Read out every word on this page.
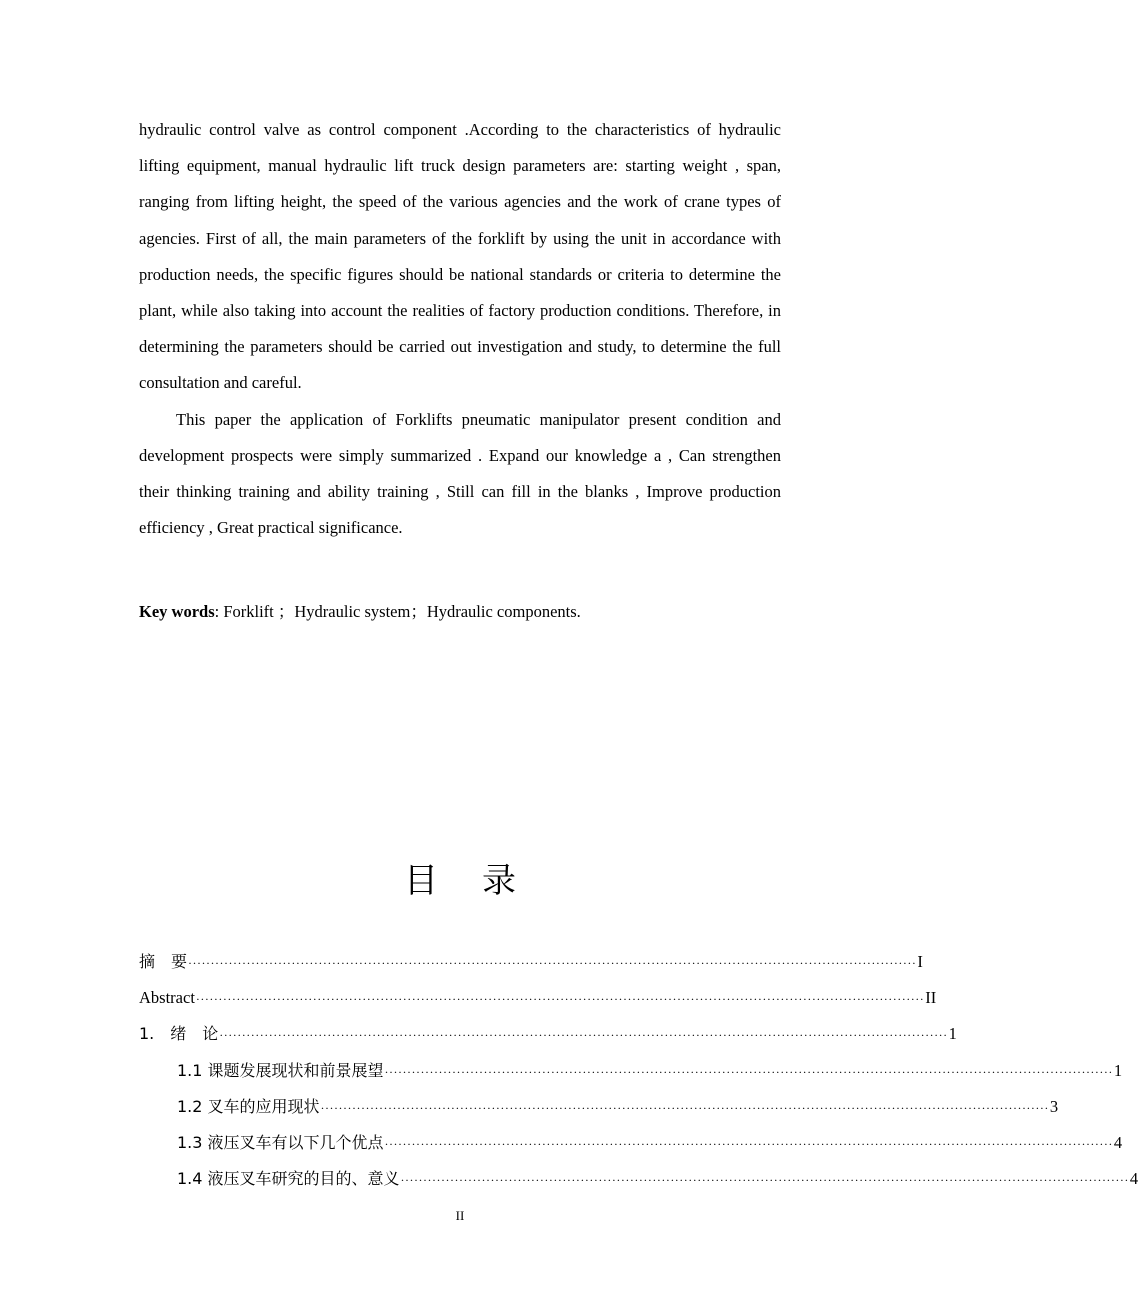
hydraulic control valve as control component .According to the characteristics of hydraulic lifting equipment, manual hydraulic lift truck design parameters are: starting weight , span, ranging from lifting height, the speed of the various agencies and the work of crane types of agencies. First of all, the main parameters of the forklift by using the unit in accordance with production needs, the specific figures should be national standards or criteria to determine the plant, while also taking into account the realities of factory production conditions. Therefore, in determining the parameters should be carried out investigation and study, to determine the full consultation and careful.

This paper the application of Forklifts pneumatic manipulator present condition and development prospects were simply summarized . Expand our knowledge a , Can strengthen their thinking training and ability training , Still can fill in the blanks , Improve production efficiency , Great practical significance.

Key words: Forklift ；Hydraulic system；Hydraulic components.
目 录
摘　要 ·································································································································································· I
Abstract ·································································································································································· II
1.　绪　论 ·································································································································································· 1
1.1 课题发展现状和前景展望 ·································································································································································· 1
1.2 叉车的应用现状 ·································································································································································· 3
1.3 液压叉车有以下几个优点 ·································································································································································· 4
1.4 液压叉车研究的目的、意义 ·································································································································································· 4
II
